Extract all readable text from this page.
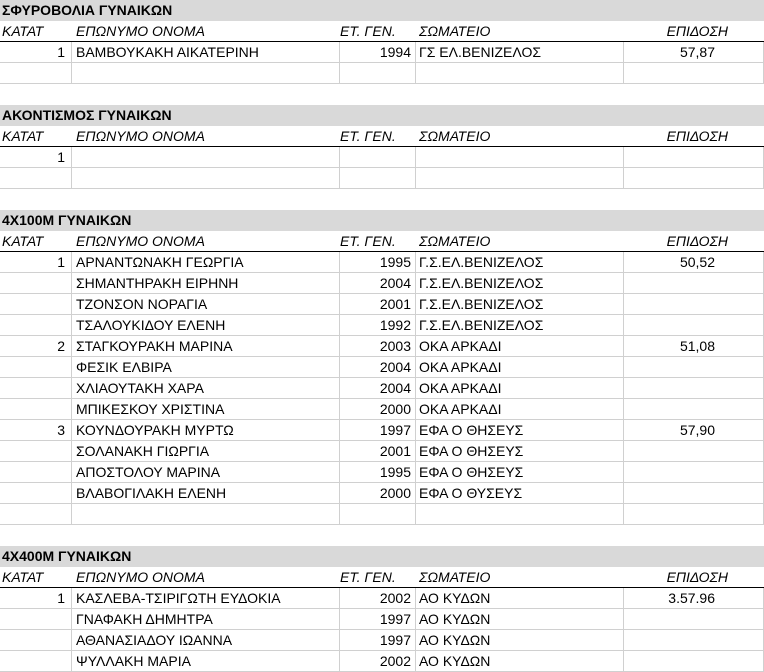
ΣΦΥΡΟΒΟΛΙΑ ΓΥΝΑΙΚΩΝ
ΚΑΤΑΤ	ΕΠΩΝΥΜΟ ΟΝΟΜΑ	ΕΤ. ΓΕΝ.	ΣΩΜΑΤΕΙΟ	ΕΠΙΔΟΣΗ
1 ΒΑΜΒΟΥΚΑΚΗ ΑΙΚΑΤΕΡΙΝΗ	1994 ΓΣ ΕΛ.ΒΕΝΙΖΕΛΟΣ	57,87
ΑΚΟΝΤΙΣΜΟΣ ΓΥΝΑΙΚΩΝ
ΚΑΤΑΤ	ΕΠΩΝΥΜΟ ΟΝΟΜΑ	ΕΤ. ΓΕΝ.	ΣΩΜΑΤΕΙΟ	ΕΠΙΔΟΣΗ
1
4Χ100Μ ΓΥΝΑΙΚΩΝ
ΚΑΤΑΤ	ΕΠΩΝΥΜΟ ΟΝΟΜΑ	ΕΤ. ΓΕΝ.	ΣΩΜΑΤΕΙΟ	ΕΠΙΔΟΣΗ
1 ΑΡΝΑΝΤΩΝΑΚΗ ΓΕΩΡΓΙΑ	1995 Γ.Σ.ΕΛ.ΒΕΝΙΖΕΛΟΣ	50,52
ΣΗΜΑΝΤΗΡΑΚΗ ΕΙΡΗΝΗ	2004 Γ.Σ.ΕΛ.ΒΕΝΙΖΕΛΟΣ
ΤΖΟΝΣΟΝ ΝΟΡΑΓΙΑ	2001 Γ.Σ.ΕΛ.ΒΕΝΙΖΕΛΟΣ
ΤΣΑΛΟΥΚΙΔΟΥ ΕΛΕΝΗ	1992 Γ.Σ.ΕΛ.ΒΕΝΙΖΕΛΟΣ
2 ΣΤΑΓΚΟΥΡΑΚΗ ΜΑΡΙΝΑ	2003 ΟΚΑ ΑΡΚΑΔΙ	51,08
ΦΕΣΙΚ ΕΛΒΙΡΑ	2004 ΟΚΑ ΑΡΚΑΔΙ
ΧΛΙΑΟΥΤΑΚΗ ΧΑΡΑ	2004 ΟΚΑ ΑΡΚΑΔΙ
ΜΠΙΚΕΣΚΟΥ ΧΡΙΣΤΙΝΑ	2000 ΟΚΑ ΑΡΚΑΔΙ
3 ΚΟΥΝΔΟΥΡΑΚΗ ΜΥΡΤΩ	1997 ΕΦΑ Ο ΘΗΣΕΥΣ	57,90
ΣΟΛΑΝΑΚΗ ΓΙΩΡΓΙΑ	2001 ΕΦΑ Ο ΘΗΣΕΥΣ
ΑΠΟΣΤΟΛΟΥ ΜΑΡΙΝΑ	1995 ΕΦΑ Ο ΘΗΣΕΥΣ
ΒΛΑΒΟΓΙΛΑΚΗ ΕΛΕΝΗ	2000 ΕΦΑ Ο ΘΥΣΕΥΣ
4Χ400Μ ΓΥΝΑΙΚΩΝ
ΚΑΤΑΤ	ΕΠΩΝΥΜΟ ΟΝΟΜΑ	ΕΤ. ΓΕΝ.	ΣΩΜΑΤΕΙΟ	ΕΠΙΔΟΣΗ
1 ΚΑΣΛΕΒΑ-ΤΣΙΡΙΓΩΤΗ ΕΥΔΟΚΙΑ	2002 ΑΟ ΚΥΔΩΝ	3.57.96
ΓΝΑΦΑΚΗ ΔΗΜΗΤΡΑ	1997 ΑΟ ΚΥΔΩΝ
ΑΘΑΝΑΣΙΑΔΟΥ ΙΩΑΝΝΑ	1997 ΑΟ ΚΥΔΩΝ
ΨΥΛΛΑΚΗ ΜΑΡΙΑ	2002 ΑΟ ΚΥΔΩΝ
